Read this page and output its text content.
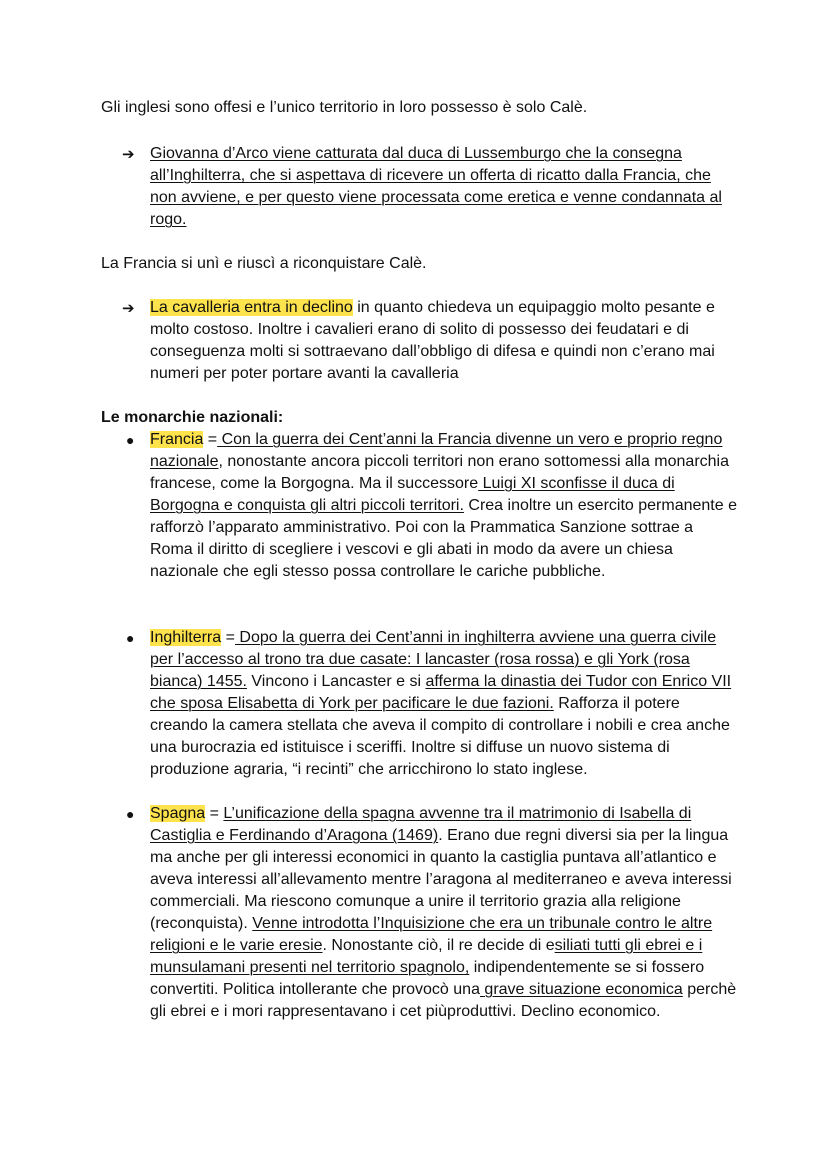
Gli inglesi sono offesi e l’unico territorio in loro possesso è solo Calè.

➔ Giovanna d’Arco viene catturata dal duca di Lussemburgo che la consegna all’Inghilterra, che si aspettava di ricevere un offerta di ricatto dalla Francia, che non avviene, e per questo viene processata come eretica e venne condannata al rogo.

La Francia si unì e riuscì a riconquistare Calè.

➔ La cavalleria entra in declino in quanto chiedeva un equipaggio molto pesante e molto costoso. Inoltre i cavalieri erano di solito di possesso dei feudatari e di conseguenza molti si sottraevano dall’obbligo di difesa e quindi non c’erano mai numeri per poter portare avanti la cavalleria

Le monarchie nazionali:

● Francia = Con la guerra dei Cent’anni la Francia divenne un vero e proprio regno nazionale, nonostante ancora piccoli territori non erano sottomessi alla monarchia francese, come la Borgogna. Ma il successore Luigi XI sconfisse il duca di Borgogna e conquista gli altri piccoli territori. Crea inoltre un esercito permanente e rafforzò l’apparato amministrativo. Poi con la Prammatica Sanzione sottrae a Roma il diritto di scegliere i vescovi e gli abati in modo da avere un chiesa nazionale che egli stesso possa controllare le cariche pubbliche.

● Inghilterra = Dopo la guerra dei Cent’anni in inghilterra avviene una guerra civile per l’accesso al trono tra due casate: I lancaster (rosa rossa) e gli York (rosa bianca) 1455. Vincono i Lancaster e si afferma la dinastia dei Tudor con Enrico VII che sposa Elisabetta di York per pacificare le due fazioni. Rafforza il potere creando la camera stellata che aveva il compito di controllare i nobili e crea anche una burocrazia ed istituisce i sceriffi. Inoltre si diffuse un nuovo sistema di produzione agraria, “i recinti” che arricchirono lo stato inglese.

● Spagna = L’unificazione della spagna avvenne tra il matrimonio di Isabella di Castiglia e Ferdinando d’Aragona (1469). Erano due regni diversi sia per la lingua ma anche per gli interessi economici in quanto la castiglia puntava all’atlantico e aveva interessi all’allevamento mentre l’aragona al mediterraneo e aveva interessi commerciali. Ma riescono comunque a unire il territorio grazia alla religione (reconquista). Venne introdotta l’Inquisizione che era un tribunale contro le altre religioni e le varie eresie. Nonostante ciò, il re decide di esiliati tutti gli ebrei e i munsulamani presenti nel territorio spagnolo, indipendentemente se si fossero convertiti. Politica intollerante che provocò una grave situazione economica perchè gli ebrei e i mori rappresentavano i cet piùproduttivi. Declino economico.
